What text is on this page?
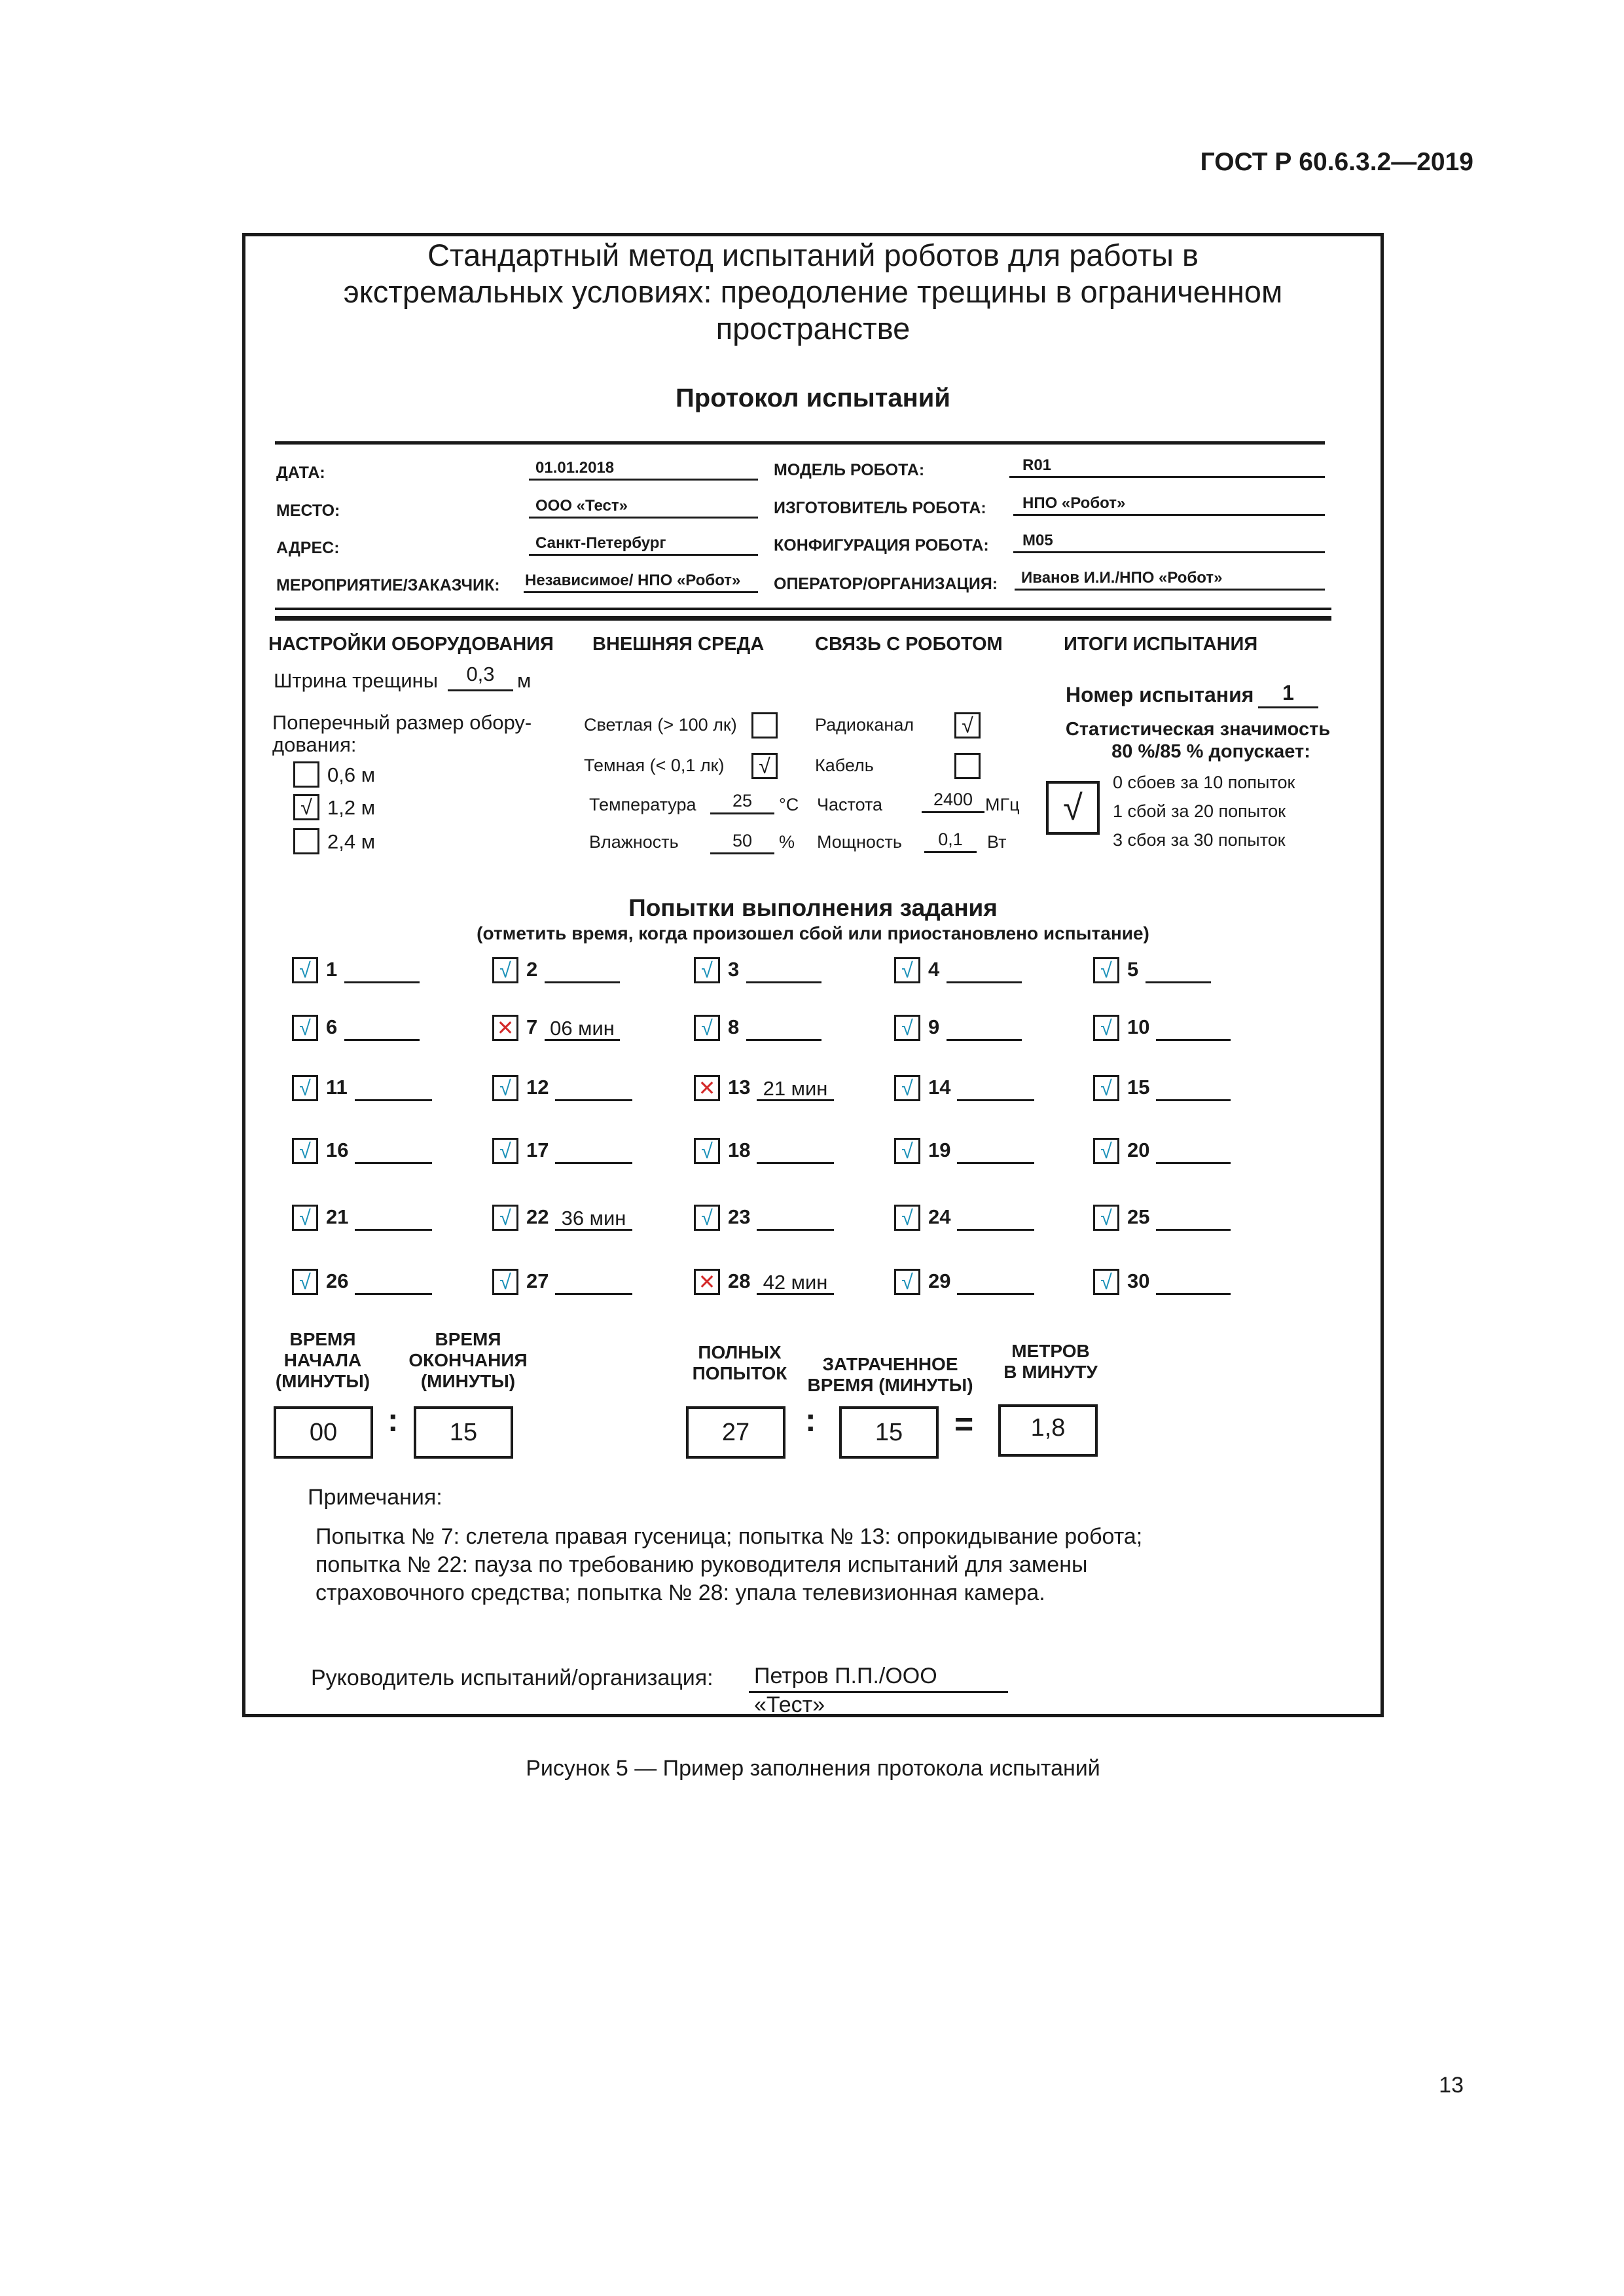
ГОСТ Р 60.6.3.2—2019
Стандартный метод испытаний роботов для работы в
экстремальных условиях: преодоление трещины в ограниченном
пространстве
Протокол испытаний
ДАТА:	01.01.2018
МЕСТО:	ООО «Тест»
АДРЕС:	Санкт-Петербург
МЕРОПРИЯТИЕ/ЗАКАЗЧИК: Независимое/ НПО «Робот»
МОДЕЛЬ РОБОТА:	R01
ИЗГОТОВИТЕЛЬ РОБОТА:	НПО «Робот»
КОНФИГУРАЦИЯ РОБОТА:	М05
ОПЕРАТОР/ОРГАНИЗАЦИЯ:	Иванов И.И./НПО «Робот»
НАСТРОЙКИ ОБОРУДОВАНИЯ ВНЕШНЯЯ СРЕДА	СВЯЗЬ С РОБОТОМ	ИТОГИ ИСПЫТАНИЯ
Штрина трещины	0,3	м
Поперечный размер обору-
дования:
0,6 м
√ 1,2 м
2,4 м
Светлая (> 100 лк)
Темная (< 0,1 лк)	√
Температура	25	°С
Влажность	50	%
Радиоканал	√
Кабель
Частота	2400 МГц
Мощность	0,1	Вт
Номер испытания	1
Статистическая значимость
80 %/85 % допускает:
√
0 сбоев за 10 попыток
1 сбой за 20 попыток
3 сбоя за 30 попыток
Попытки выполнения задания
(отметить время, когда произошел сбой или приостановлено испытание)
√ 1	√ 2	√ 3	√ 4	√ 5
√ 6	✕ 7 06 мин	√ 8	√ 9	√ 10
√ 11	√ 12	✕ 13 21 мин	√ 14	√ 15
√ 16	√ 17	√ 18	√ 19	√ 20
√ 21	√ 22 36 мин	√ 23	√ 24	√ 25
√ 26	√ 27	✕ 28 42 мин	√ 29	√ 30
ВРЕМЯ
НАЧАЛА
(МИНУТЫ)
ВРЕМЯ
ОКОНЧАНИЯ
(МИНУТЫ)
ПОЛНЫХ
ПОПЫТОК	ЗАТРАЧЕННОЕ
ВРЕМЯ (МИНУТЫ)
МЕТРОВ
В МИНУТУ
00	:	15	27	:	15	=	1,8
Примечания:
Попытка № 7: слетела правая гусеница; попытка № 13: опрокидывание робота;
попытка № 22: пауза по требованию руководителя испытаний для замены
страховочного средства; попытка № 28: упала телевизионная камера.
Руководитель испытаний/организация: Петров П.П./ООО «Тест»
Рисунок 5 — Пример заполнения протокола испытаний
13
